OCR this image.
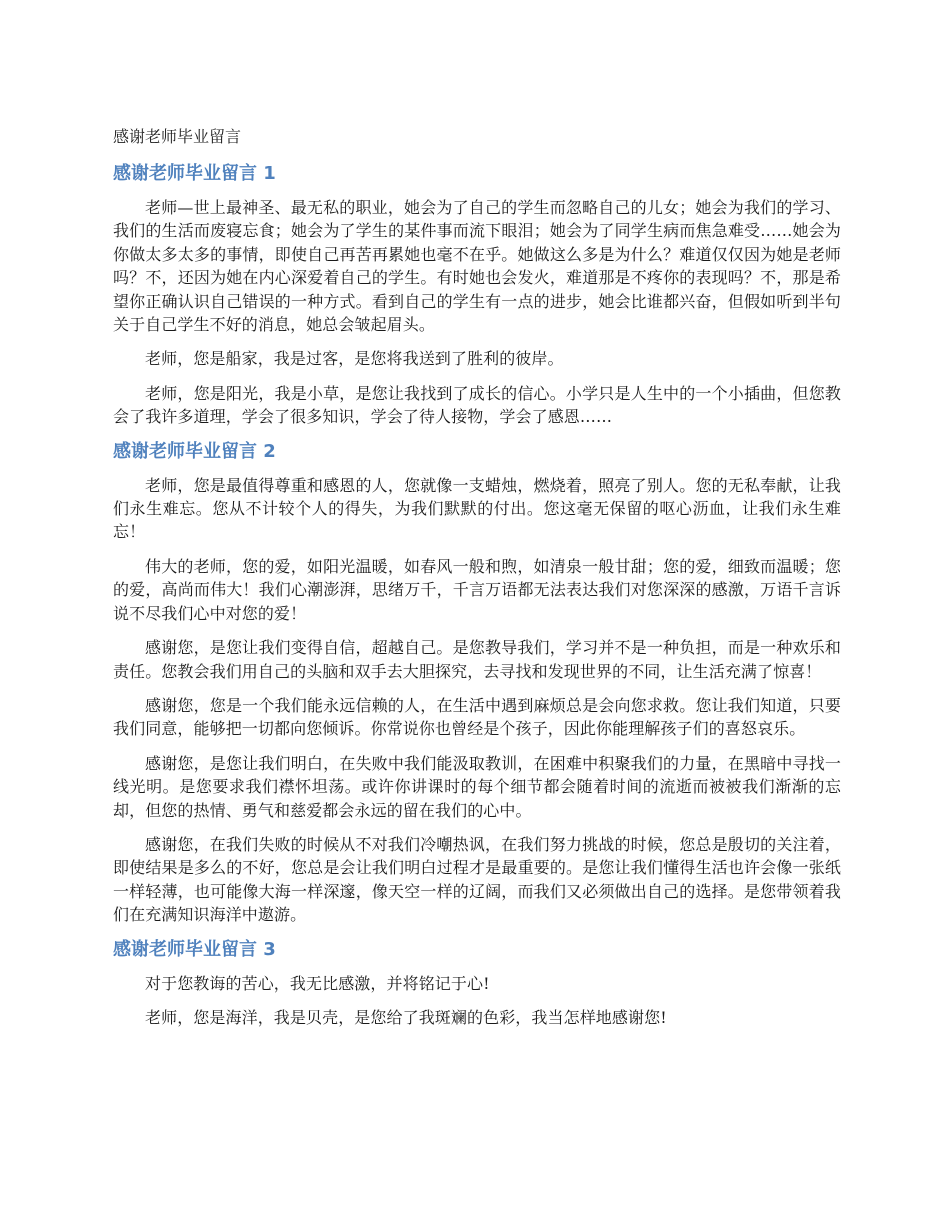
感谢老师毕业留言
感谢老师毕业留言 1

老师—世上最神圣、最无私的职业，她会为了自己的学生而忽略自己的儿女；她会为我们的学习、我们的生活而废寝忘食；她会为了学生的某件事而流下眼泪；她会为了同学生病而焦急难受……她会为你做太多太多的事情，即使自己再苦再累她也毫不在乎。她做这么多是为什么？难道仅仅因为她是老师吗？不，还因为她在内心深爱着自己的学生。有时她也会发火，难道那是不疼你的表现吗？不，那是希望你正确认识自己错误的一种方式。看到自己的学生有一点的进步，她会比谁都兴奋，但假如听到半句关于自己学生不好的消息，她总会皱起眉头。

老师，您是船家，我是过客，是您将我送到了胜利的彼岸。

老师，您是阳光，我是小草，是您让我找到了成长的信心。小学只是人生中的一个小插曲，但您教会了我许多道理，学会了很多知识，学会了待人接物，学会了感恩……

感谢老师毕业留言 2

老师，您是最值得尊重和感恩的人，您就像一支蜡烛，燃烧着，照亮了别人。您的无私奉献，让我们永生难忘。您从不计较个人的得失，为我们默默的付出。您这毫无保留的呕心沥血，让我们永生难忘！

伟大的老师，您的爱，如阳光温暖，如春风一般和煦，如清泉一般甘甜；您的爱，细致而温暖；您的爱，高尚而伟大！我们心潮澎湃，思绪万千，千言万语都无法表达我们对您深深的感激，万语千言诉说不尽我们心中对您的爱！

感谢您，是您让我们变得自信，超越自己。是您教导我们，学习并不是一种负担，而是一种欢乐和责任。您教会我们用自己的头脑和双手去大胆探究，去寻找和发现世界的不同，让生活充满了惊喜！

感谢您，您是一个我们能永远信赖的人，在生活中遇到麻烦总是会向您求救。您让我们知道，只要我们同意，能够把一切都向您倾诉。你常说你也曾经是个孩子，因此你能理解孩子们的喜怒哀乐。

感谢您，是您让我们明白，在失败中我们能汲取教训，在困难中积聚我们的力量，在黑暗中寻找一线光明。是您要求我们襟怀坦荡。或许你讲课时的每个细节都会随着时间的流逝而被被我们渐渐的忘却，但您的热情、勇气和慈爱都会永远的留在我们的心中。

感谢您，在我们失败的时候从不对我们冷嘲热讽，在我们努力挑战的时候，您总是殷切的关注着，即使结果是多么的不好，您总是会让我们明白过程才是最重要的。是您让我们懂得生活也许会像一张纸一样轻薄，也可能像大海一样深邃，像天空一样的辽阔，而我们又必须做出自己的选择。是您带领着我们在充满知识海洋中遨游。

感谢老师毕业留言 3

对于您教诲的苦心，我无比感激，并将铭记于心!

老师，您是海洋，我是贝壳，是您给了我斑斓的色彩，我当怎样地感谢您!
